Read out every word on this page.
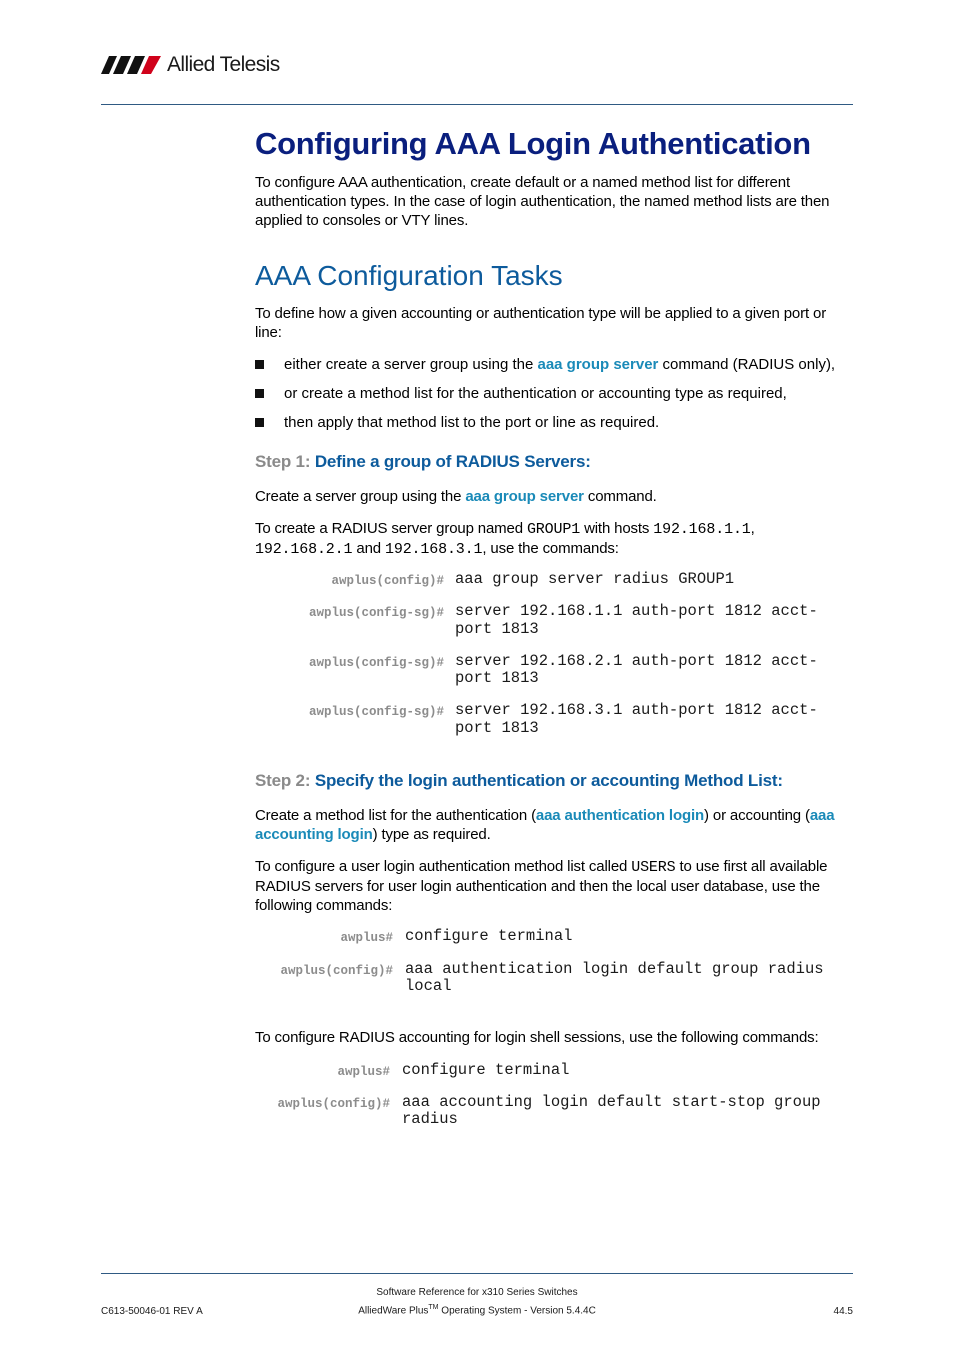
Allied Telesis
Configuring AAA Login Authentication
To configure AAA authentication, create default or a named method list for different authentication types. In the case of login authentication, the named method lists are then applied to consoles or VTY lines.
AAA Configuration Tasks
To define how a given accounting or authentication type will be applied to a given port or line:
either create a server group using the aaa group server command (RADIUS only),
or create a method list for the authentication or accounting type as required,
then apply that method list to the port or line as required.
Step 1: Define a group of RADIUS Servers:
Create a server group using the aaa group server command.
To create a RADIUS server group named GROUP1 with hosts 192.168.1.1,
192.168.2.1 and 192.168.3.1, use the commands:
awplus(config)# aaa group server radius GROUP1
awplus(config-sg)# server 192.168.1.1 auth-port 1812 acct-
port 1813
awplus(config-sg)# server 192.168.2.1 auth-port 1812 acct-
port 1813
awplus(config-sg)# server 192.168.3.1 auth-port 1812 acct-
port 1813
Step 2: Specify the login authentication or accounting Method List:
Create a method list for the authentication (aaa authentication login) or accounting (aaa
accounting login) type as required.
To configure a user login authentication method list called USERS to use first all available
RADIUS servers for user login authentication and then the local user database, use the
following commands:
awplus# configure terminal
awplus(config)# aaa authentication login default group radius
local
To configure RADIUS accounting for login shell sessions, use the following commands:
awplus# configure terminal
awplus(config)# aaa accounting login default start-stop group
radius
Software Reference for x310 Series Switches
C613-50046-01 REV A	AlliedWare Plus™ Operating System - Version 5.4.4C	44.5
